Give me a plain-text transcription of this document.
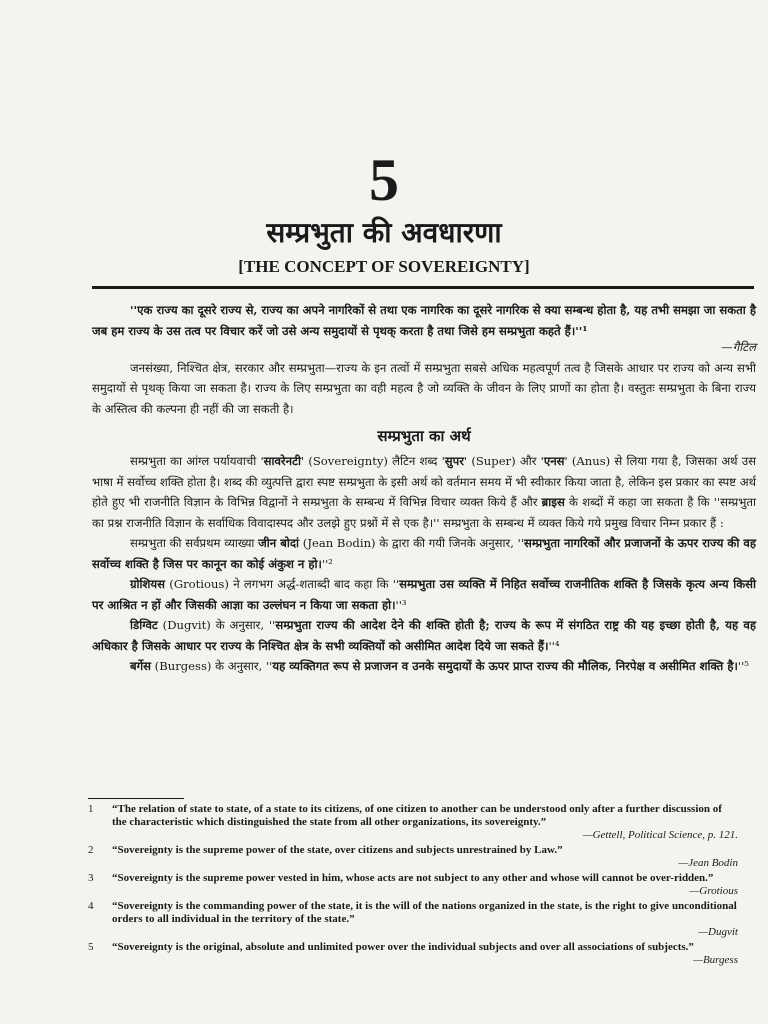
5
सम्प्रभुता की अवधारणा
[THE CONCEPT OF SOVEREIGNTY]

''एक राज्य का दूसरे राज्य से, राज्य का अपने नागरिकों से तथा एक नागरिक का दूसरे नागरिक से क्या सम्बन्ध होता है, यह तभी समझा जा सकता है जब हम राज्य के उस तत्व पर विचार करें जो उसे अन्य समुदायों से पृथक् करता है तथा जिसे हम सम्प्रभुता कहते हैं।''¹

—गैटिल

जनसंख्या, निश्चित क्षेत्र, सरकार और सम्प्रभुता—राज्य के इन तत्वों में सम्प्रभुता सबसे अधिक महत्वपूर्ण तत्व है जिसके आधार पर राज्य को अन्य सभी समुदायों से पृथक् किया जा सकता है। राज्य के लिए सम्प्रभुता का वही महत्व है जो व्यक्ति के जीवन के लिए प्राणों का होता है। वस्तुतः सम्प्रभुता के बिना राज्य के अस्तित्व की कल्पना ही नहीं की जा सकती है।

सम्प्रभुता का अर्थ

सम्प्रभुता का आंग्ल पर्यायवाची 'सावरेनटी' (Sovereignty) लैटिन शब्द 'सुपर' (Super) और 'एनस' (Anus) से लिया गया है, जिसका अर्थ उस भाषा में सर्वोच्च शक्ति होता है। शब्द की व्युत्पत्ति द्वारा स्पष्ट सम्प्रभुता के इसी अर्थ को वर्तमान समय में भी स्वीकार किया जाता है, लेकिन इस प्रकार का स्पष्ट अर्थ होते हुए भी राजनीति विज्ञान के विभिन्न विद्वानों ने सम्प्रभुता के सम्बन्ध में विभिन्न विचार व्यक्त किये हैं और ब्राइस के शब्दों में कहा जा सकता है कि ''सम्प्रभुता का प्रश्न राजनीति विज्ञान के सर्वाधिक विवादास्पद और उलझे हुए प्रश्नों में से एक है।'' सम्प्रभुता के सम्बन्ध में व्यक्त किये गये प्रमुख विचार निम्न प्रकार हैं :

सम्प्रभुता की सर्वप्रथम व्याख्या जीन बोदां (Jean Bodin) के द्वारा की गयी जिनके अनुसार, ''सम्प्रभुता नागरिकों और प्रजाजनों के ऊपर राज्य की वह सर्वोच्च शक्ति है जिस पर कानून का कोई अंकुश न हो।''²

ग्रोशियस (Grotious) ने लगभग अर्द्ध-शताब्दी बाद कहा कि ''सम्प्रभुता उस व्यक्ति में निहित सर्वोच्च राजनीतिक शक्ति है जिसके कृत्य अन्य किसी पर आश्रित न हों और जिसकी आज्ञा का उल्लंघन न किया जा सकता हो।''³

डिग्विट (Dugvit) के अनुसार, ''सम्प्रभुता राज्य की आदेश देने की शक्ति होती है; राज्य के रूप में संगठित राष्ट्र की यह इच्छा होती है, यह वह अधिकार है जिसके आधार पर राज्य के निश्चित क्षेत्र के सभी व्यक्तियों को असीमित आदेश दिये जा सकते हैं।''⁴

बर्गेस (Burgess) के अनुसार, ''यह व्यक्तिगत रूप से प्रजाजन व उनके समुदायों के ऊपर प्राप्त राज्य की मौलिक, निरपेक्ष व असीमित शक्ति है।''⁵

1	“The relation of state to state, of a state to its citizens, of one citizen to another can be understood only after a further discussion of the characteristic which distinguished the state from all other organizations, its sovereignty.”
—Gettell, Political Science, p. 121.
2	“Sovereignty is the supreme power of the state, over citizens and subjects unrestrained by Law.”
—Jean Bodin
3	“Sovereignty is the supreme power vested in him, whose acts are not subject to any other and whose will cannot be over-ridden.”
—Grotious
4	“Sovereignty is the commanding power of the state, it is the will of the nations organized in the state, is the right to give unconditional orders to all individual in the territory of the state.”
—Dugvit
5	“Sovereignty is the original, absolute and unlimited power over the individual subjects and over all associations of subjects.”
—Burgess
